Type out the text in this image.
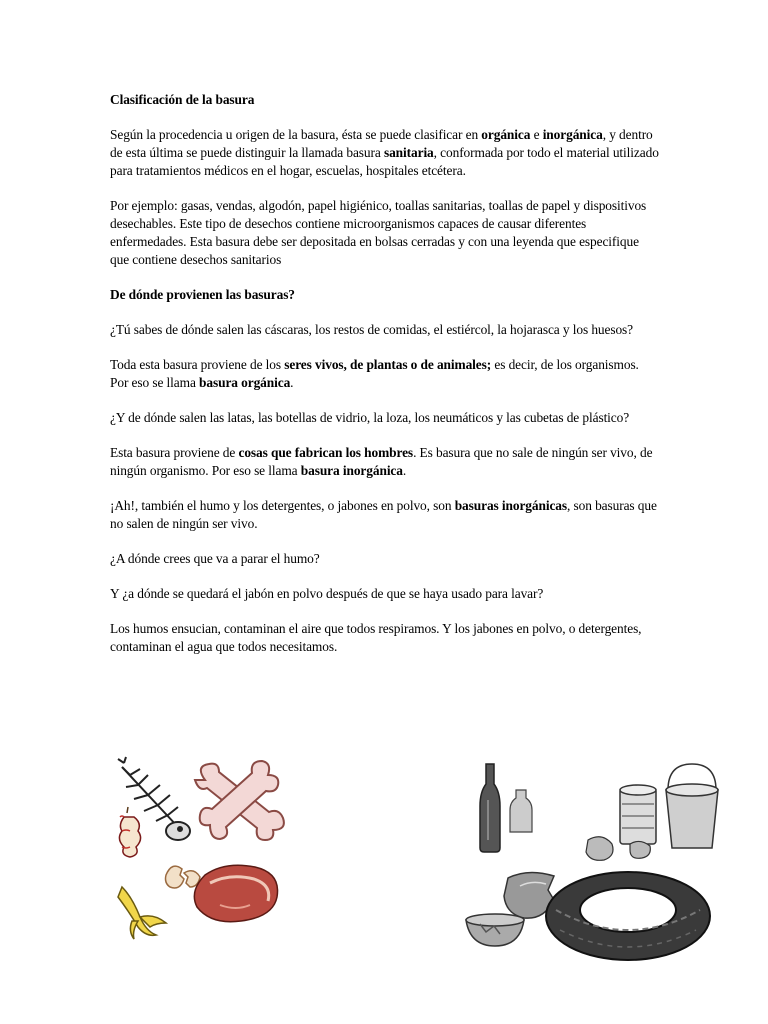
Clasificación de la basura

Según la procedencia u origen de la basura, ésta se puede clasificar en orgánica e inorgánica, y dentro de esta última se puede distinguir la llamada basura sanitaria, conformada por todo el material utilizado para tratamientos médicos en el hogar, escuelas, hospitales etcétera.

Por ejemplo: gasas, vendas, algodón, papel higiénico, toallas sanitarias, toallas de papel y dispositivos desechables. Este tipo de desechos contiene microorganismos capaces de causar diferentes enfermedades. Esta basura debe ser depositada en bolsas cerradas y con una leyenda que especifique que contiene desechos sanitarios

De dónde provienen las basuras?

¿Tú sabes de dónde salen las cáscaras, los restos de comidas, el estiércol, la hojarasca y los huesos?

Toda esta basura proviene de los seres vivos, de plantas o de animales; es decir, de los organismos. Por eso se llama basura orgánica.

¿Y de dónde salen las latas, las botellas de vidrio, la loza, los neumáticos y las cubetas de plástico?

Esta basura proviene de cosas que fabrican los hombres. Es basura que no sale de ningún ser vivo, de ningún organismo. Por eso se llama basura inorgánica.

¡Ah!, también el humo y los detergentes, o jabones en polvo, son basuras inorgánicas, son basuras que no salen de ningún ser vivo.

¿A dónde crees que va a parar el humo?

Y ¿a dónde se quedará el jabón en polvo después de que se haya usado para lavar?

Los humos ensucian, contaminan el aire que todos respiramos. Y los jabones en polvo, o detergentes, contaminan el agua que todos necesitamos.
